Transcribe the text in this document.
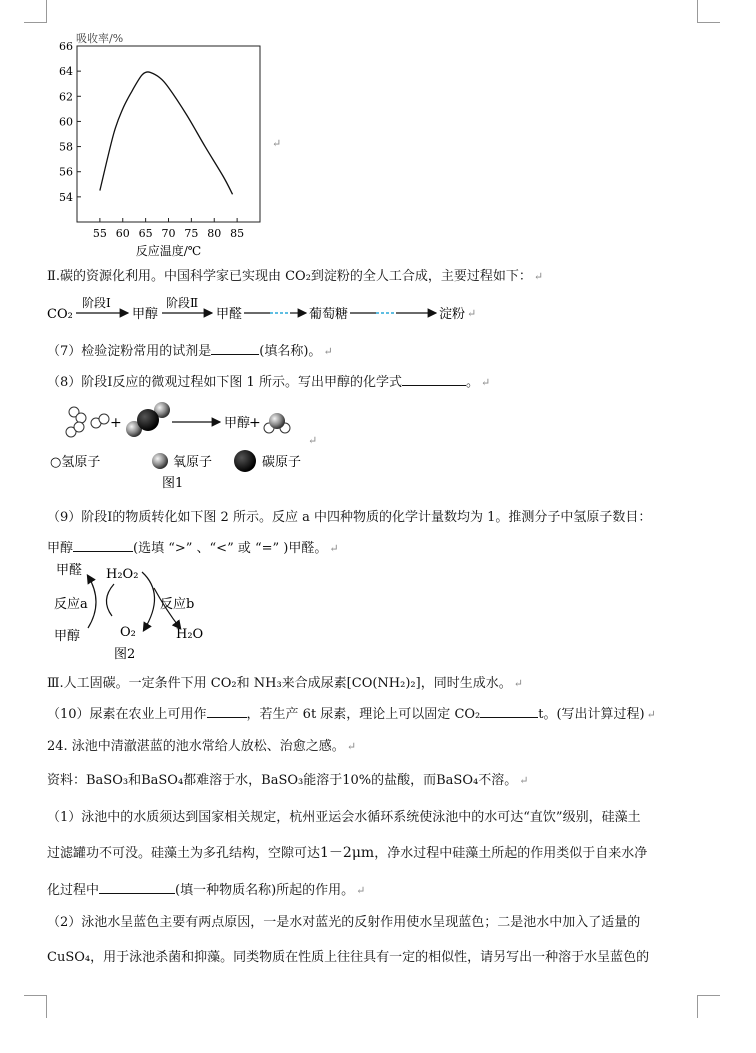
54
56
58
60
62
64
66
55 60 65 70 75 80 85
吸收率/%
反应温度/℃
↵
Ⅱ.碳的资源化利用。中国科学家已实现由 CO₂到淀粉的全人工合成，主要过程如下： ↵
CO₂
阶段Ⅰ
甲醇
阶段Ⅱ
甲醛	葡萄糖	淀粉 ↵
（7）检验淀粉常用的试剂是	(填名称)。 ↵
（8）阶段Ⅰ反应的微观过程如下图 1 所示。写出甲醇的化学式	。 ↵
+	甲醇
+
○氢原子	氧原子	碳原子
图1
↵
（9）阶段Ⅰ的物质转化如下图 2 所示。反应 a 中四种物质的化学计量数均为 1。推测分子中氢原子数目：
甲醇	(选填 “>” 、“<” 或 “=” )甲醛。 ↵
甲醛 H₂O₂
反应a	反应b
甲醇	O₂	H₂O
图2
Ⅲ.人工固碳。一定条件下用 CO₂和 NH₃来合成尿素[CO(NH₂)₂]，同时生成水。 ↵
（10）尿素在农业上可用作	，若生产 6t 尿素，理论上可以固定 CO₂	t。(写出计算过程) ↵
24. 泳池中清澈湛蓝的池水常给人放松、治愈之感。 ↵
资料：BaSO₃和BaSO₄都难溶于水，BaSO₃能溶于10%的盐酸，而BaSO₄不溶。 ↵
（1）泳池中的水质须达到国家相关规定，杭州亚运会水循环系统使泳池中的水可达“直饮”级别，硅藻土
过滤罐功不可没。硅藻土为多孔结构，空隙可达1－2μm，净水过程中硅藻土所起的作用类似于自来水净
化过程中	(填一种物质名称)所起的作用。 ↵
（2）泳池水呈蓝色主要有两点原因，一是水对蓝光的反射作用使水呈现蓝色；二是池水中加入了适量的
CuSO₄，用于泳池杀菌和抑藻。同类物质在性质上往往具有一定的相似性，请另写出一种溶于水呈蓝色的
